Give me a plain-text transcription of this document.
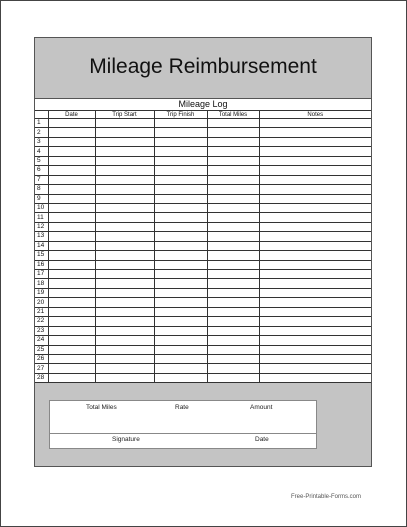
Mileage Reimbursement
Mileage Log
	Date	Trip Start	Trip Finish	Total Miles	Notes
1					
2					
3					
4					
5					
6					
7					
8					
9					
10					
11					
12					
13					
14					
15					
16					
17					
18					
19					
20					
21					
22					
23					
24					
25					
26					
27					
28					
Total Miles	Rate	Amount
Signature	Date
Free-Printable-Forms.com
